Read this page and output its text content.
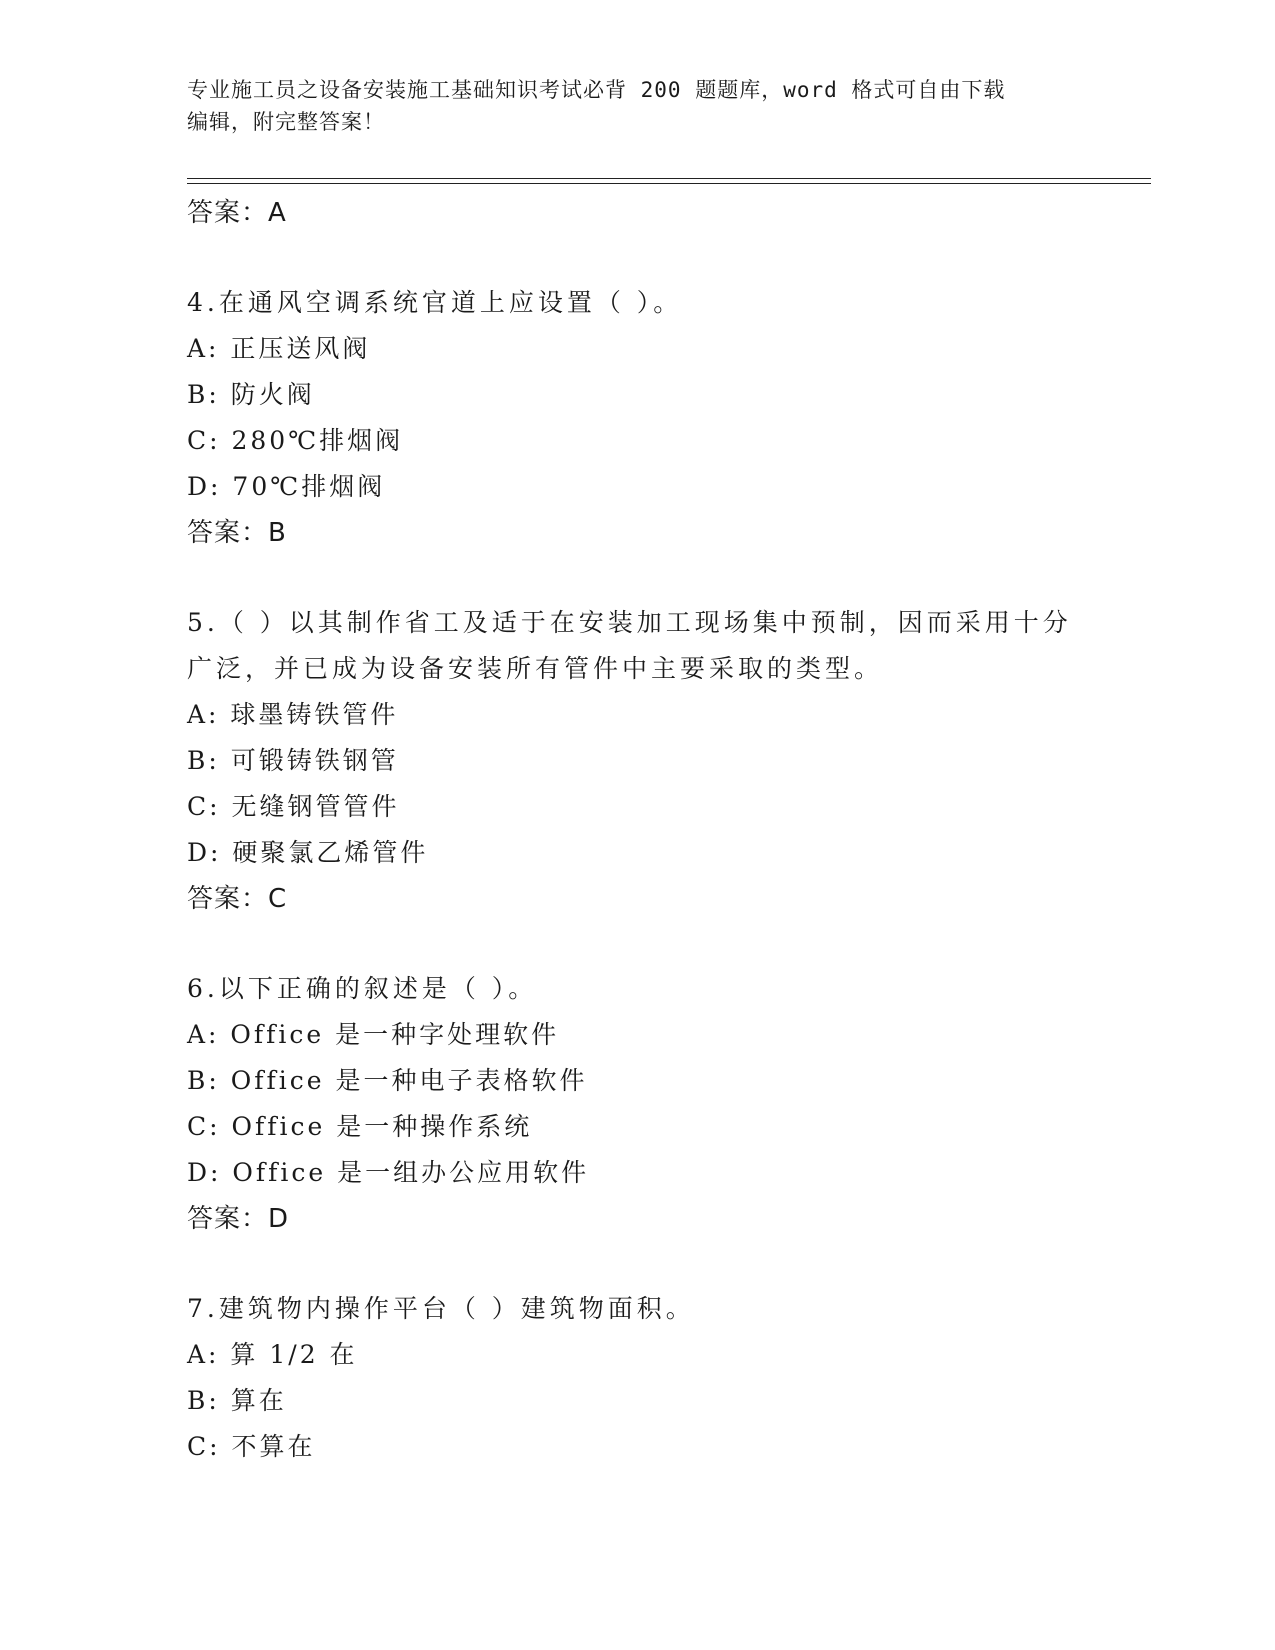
专业施工员之设备安装施工基础知识考试必背 200 题题库，word 格式可自由下载
编辑，附完整答案！
答案：A
4.在通风空调系统官道上应设置（ ）。
A: 正压送风阀
B: 防火阀
C: 280℃排烟阀
D: 70℃排烟阀
答案：B
5.（ ）以其制作省工及适于在安装加工现场集中预制，因而采用十分广泛，并已成为设备安装所有管件中主要采取的类型。
A: 球墨铸铁管件
B: 可锻铸铁钢管
C: 无缝钢管管件
D: 硬聚氯乙烯管件
答案：C
6.以下正确的叙述是（ ）。
A: Office 是一种字处理软件
B: Office 是一种电子表格软件
C: Office 是一种操作系统
D: Office 是一组办公应用软件
答案：D
7.建筑物内操作平台（ ）建筑物面积。
A: 算 1/2 在
B: 算在
C: 不算在
